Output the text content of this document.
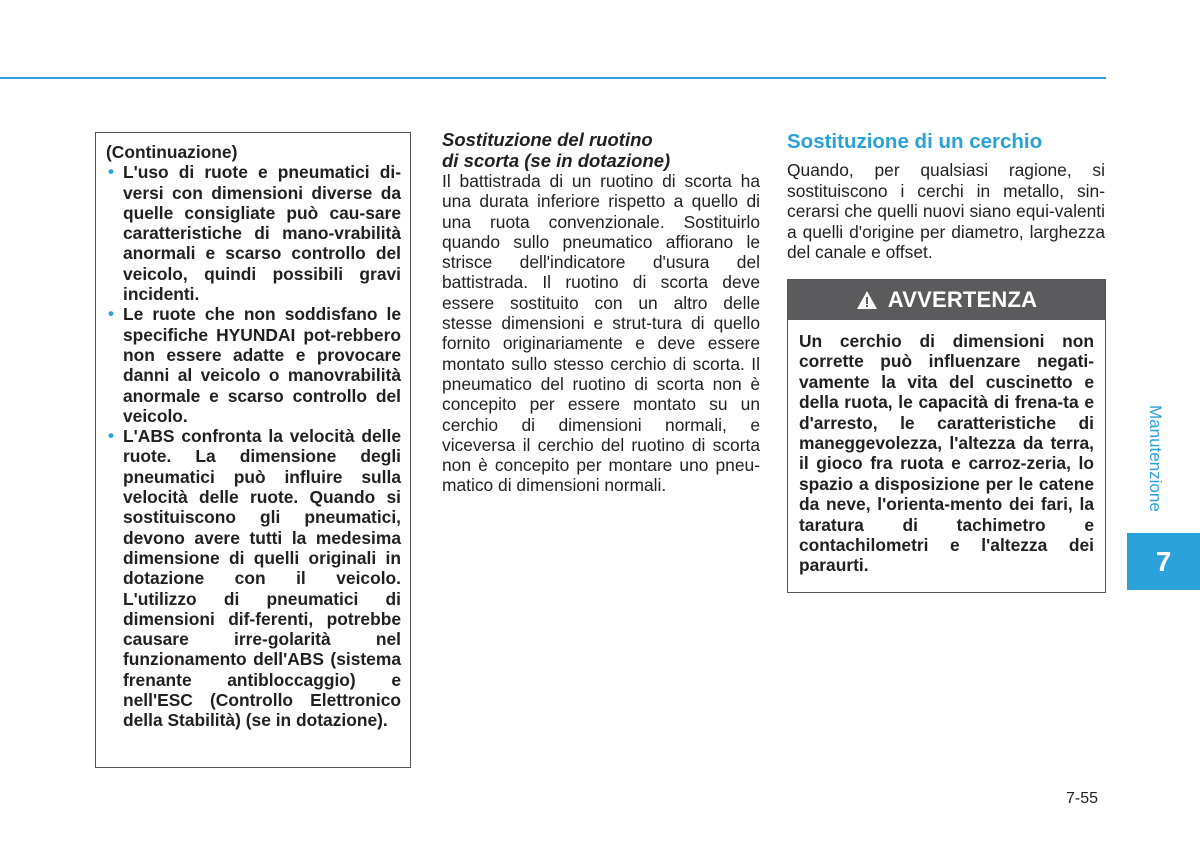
(Continuazione)
• L'uso di ruote e pneumatici di-versi con dimensioni diverse da quelle consigliate può cau-sare caratteristiche di mano-vrabilità anormali e scarso controllo del veicolo, quindi possibili gravi incidenti.
• Le ruote che non soddisfano le specifiche HYUNDAI pot-rebbero non essere adatte e provocare danni al veicolo o manovrabilità anormale e scarso controllo del veicolo.
• L'ABS confronta la velocità delle ruote. La dimensione degli pneumatici può influire sulla velocità delle ruote. Quando si sostituiscono gli pneumatici, devono avere tutti la medesima dimensione di quelli originali in dotazione con il veicolo. L'utilizzo di pneumatici di dimensioni dif-ferenti, potrebbe causare irre-golarità nel funzionamento dell'ABS (sistema frenante antibloccaggio) e nell'ESC (Controllo Elettronico della Stabilità) (se in dotazione).
Sostituzione del ruotino
di scorta (se in dotazione)

Il battistrada di un ruotino di scorta ha una durata inferiore rispetto a quello di una ruota convenzionale. Sostituirlo quando sullo pneumatico affiorano le strisce dell'indicatore d'usura del battistrada. Il ruotino di scorta deve essere sostituito con un altro delle stesse dimensioni e strut-tura di quello fornito originariamente e deve essere montato sullo stesso cerchio di scorta. Il pneumatico del ruotino di scorta non è concepito per essere montato su un cerchio di dimensioni normali, e viceversa il cerchio del ruotino di scorta non è concepito per montare uno pneu-matico di dimensioni normali.

Sostituzione di un cerchio

Quando, per qualsiasi ragione, si sostituiscono i cerchi in metallo, sin-cerarsi che quelli nuovi siano equi-valenti a quelli d'origine per diametro, larghezza del canale e offset.

AVVERTENZA
Un cerchio di dimensioni non corrette può influenzare negati-vamente la vita del cuscinetto e della ruota, le capacità di frena-ta e d'arresto, le caratteristiche di maneggevolezza, l'altezza da terra, il gioco fra ruota e carroz-zeria, lo spazio a disposizione per le catene da neve, l'orienta-mento dei fari, la taratura di tachimetro e contachilometri e l'altezza dei paraurti.
Manutenzione
7
7-55
